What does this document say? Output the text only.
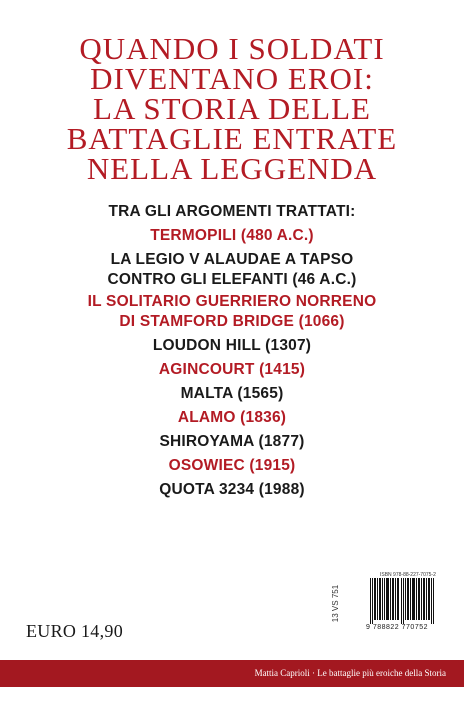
QUANDO I SOLDATI
DIVENTANO EROI:
LA STORIA DELLE
BATTAGLIE ENTRATE
NELLA LEGGENDA
TRA GLI ARGOMENTI TRATTATI:
TERMOPILI (480 A.C.)
LA LEGIO V ALAUDAE A TAPSO
CONTRO GLI ELEFANTI (46 A.C.)
IL SOLITARIO GUERRIERO NORRENO
DI STAMFORD BRIDGE (1066)
LOUDON HILL (1307)
AGINCOURT (1415)
MALTA (1565)
ALAMO (1836)
SHIROYAMA (1877)
OSOWIEC (1915)
QUOTA 3234 (1988)
EURO 14,90
13 VS 751
ISBN 978-88-227-7075-2
9 788822 770752
Mattia Caprioli · Le battaglie più eroiche della Storia
